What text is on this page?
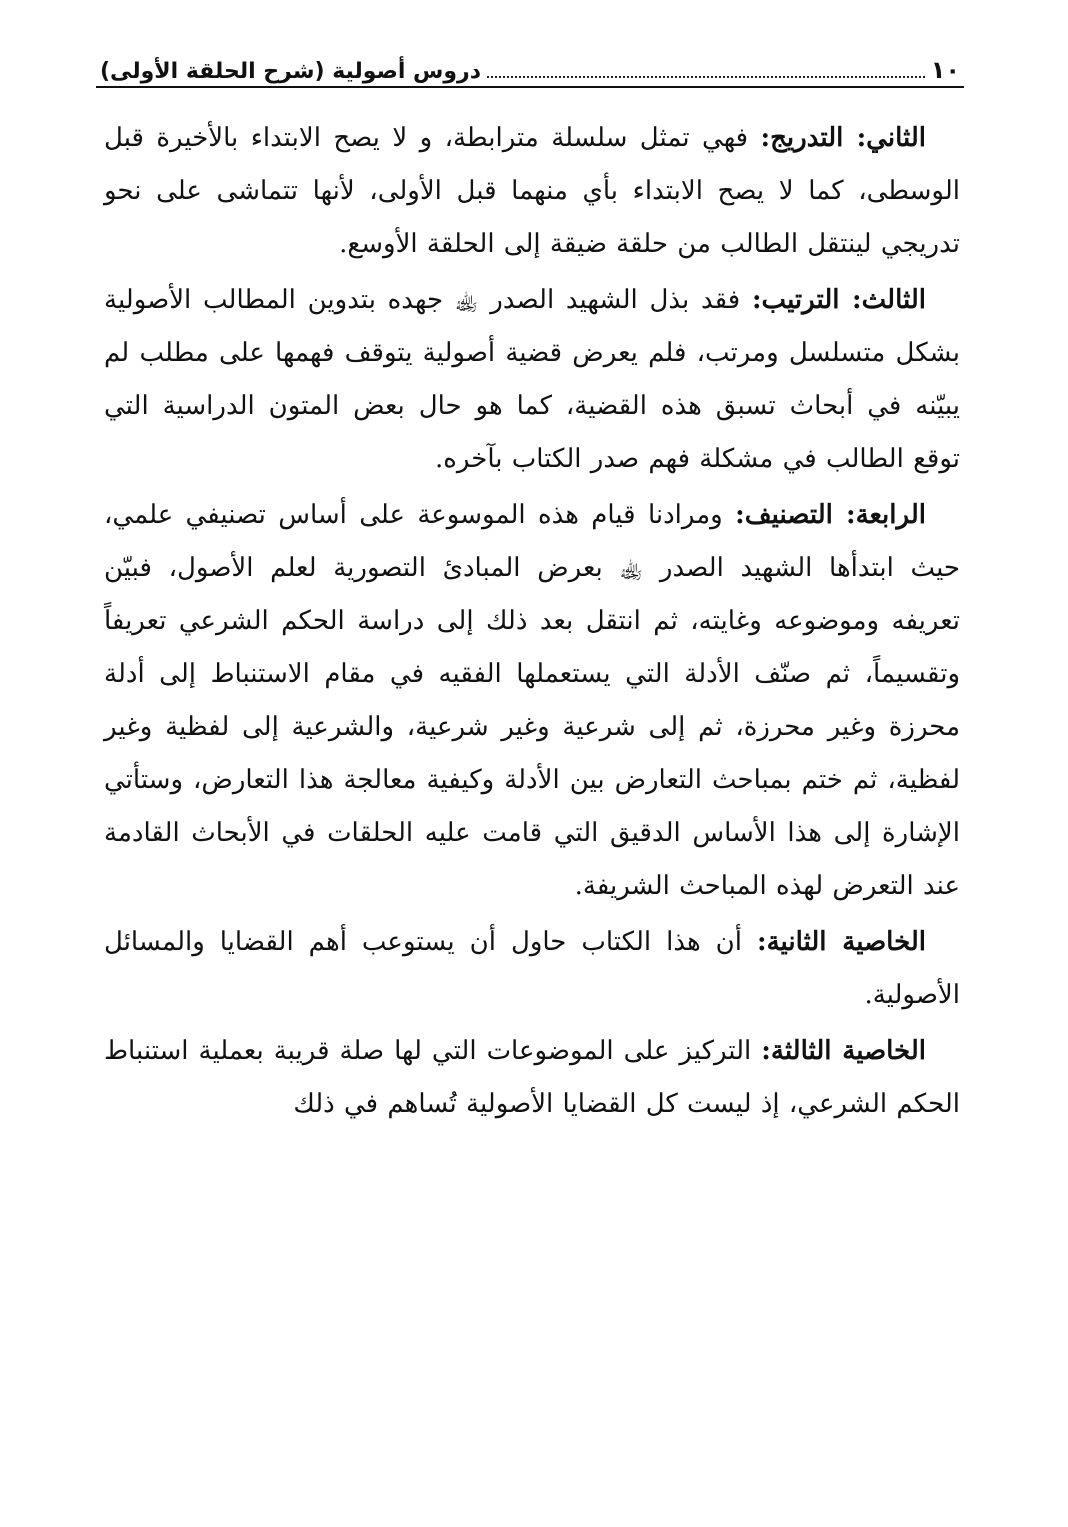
١٠
دروس أصولية (شرح الحلقة الأولى)

الثاني: التدريج: فهي تمثل سلسلة مترابطة، و لا يصح الابتداء بالأخيرة قبل الوسطى، كما لا يصح الابتداء بأي منهما قبل الأولى، لأنها تتماشى على نحو تدريجي لينتقل الطالب من حلقة ضيقة إلى الحلقة الأوسع.

الثالث: الترتيب: فقد بذل الشهيد الصدر ﵀ جهده بتدوين المطالب الأصولية بشكل متسلسل ومرتب، فلم يعرض قضية أصولية يتوقف فهمها على مطلب لم يبيّنه في أبحاث تسبق هذه القضية، كما هو حال بعض المتون الدراسية التي توقع الطالب في مشكلة فهم صدر الكتاب بآخره.

الرابعة: التصنيف: ومرادنا قيام هذه الموسوعة على أساس تصنيفي علمي، حيث ابتدأها الشهيد الصدر ﵀ بعرض المبادئ التصورية لعلم الأصول، فبيّن تعريفه وموضوعه وغايته، ثم انتقل بعد ذلك إلى دراسة الحكم الشرعي تعريفاً وتقسيماً، ثم صنّف الأدلة التي يستعملها الفقيه في مقام الاستنباط إلى أدلة محرزة وغير محرزة، ثم إلى شرعية وغير شرعية، والشرعية إلى لفظية وغير لفظية، ثم ختم بمباحث التعارض بين الأدلة وكيفية معالجة هذا التعارض، وستأتي الإشارة إلى هذا الأساس الدقيق التي قامت عليه الحلقات في الأبحاث القادمة عند التعرض لهذه المباحث الشريفة.

الخاصية الثانية: أن هذا الكتاب حاول أن يستوعب أهم القضايا والمسائل الأصولية.

الخاصية الثالثة: التركيز على الموضوعات التي لها صلة قريبة بعملية استنباط الحكم الشرعي، إذ ليست كل القضايا الأصولية تُساهم في ذلك
